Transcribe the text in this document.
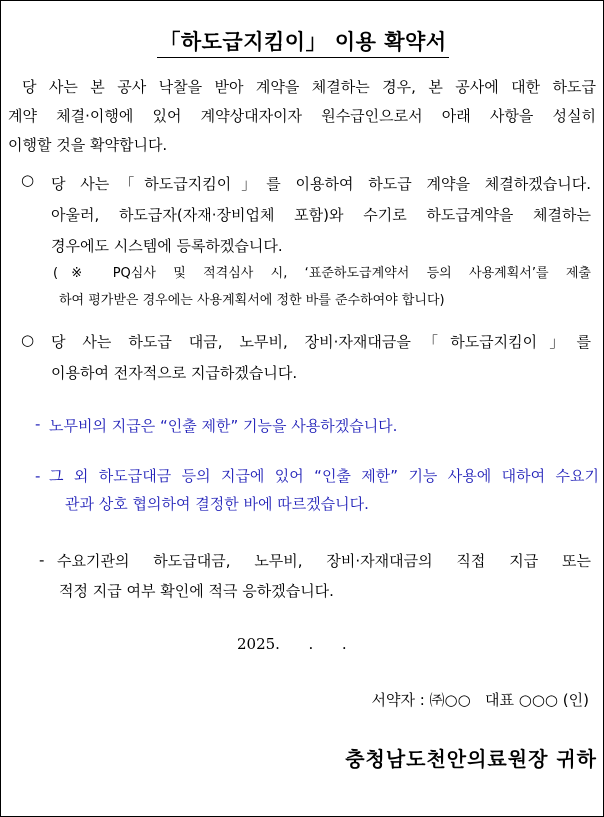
「하도급지킴이」 이용 확약서
당 사는 본 공사 낙찰을 받아 계약을 체결하는 경우, 본 공사에 대한 하도급
계약 체결·이행에 있어 계약상대자이자 원수급인으로서 아래 사항을 성실히
이행할 것을 확약합니다.
○ 당 사는「하도급지킴이」를 이용하여 하도급 계약을 체결하겠습니다.
아울러, 하도급자(자재·장비업체 포함)와 수기로 하도급계약을 체결하는
경우에도 시스템에 등록하겠습니다.
(※ PQ심사 및 적격심사 시, ‘표준하도급계약서 등의 사용계획서’를 제출
하여 평가받은 경우에는 사용계획서에 정한 바를 준수하여야 합니다)
○ 당 사는 하도급 대금, 노무비, 장비·자재대금을「하도급지킴이」를
이용하여 전자적으로 지급하겠습니다.
- 노무비의 지급은 “인출 제한” 기능을 사용하겠습니다.
- 그 외 하도급대금 등의 지급에 있어 “인출 제한” 기능 사용에 대하여 수요기
관과 상호 협의하여 결정한 바에 따르겠습니다.
- 수요기관의 하도급대금, 노무비, 장비·자재대금의 직접 지급 또는
적정 지급 여부 확인에 적극 응하겠습니다.
2025.      .      .
서약자 : ㈜○○   대표 ○○○ (인)
충청남도천안의료원장 귀하
